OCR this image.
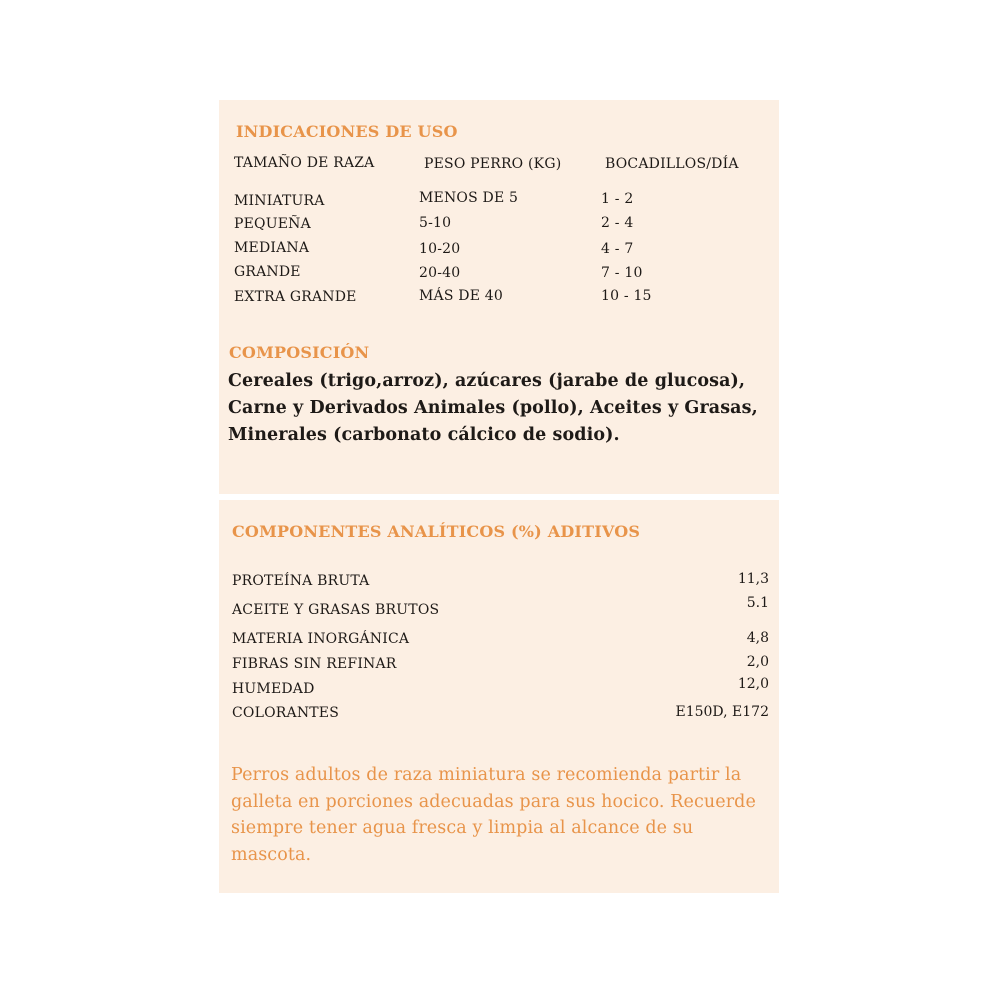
INDICACIONES DE USO
TAMAÑO DE RAZA	PESO PERRO (KG)	BOCADILLOS/DÍA
MINIATURA	MENOS DE 5	1 - 2
PEQUEÑA	5-10	2 - 4
MEDIANA	10-20	4 - 7
GRANDE	20-40	7 - 10
EXTRA GRANDE	MÁS DE 40	10 - 15
COMPOSICIÓN

Cereales (trigo,arroz), azúcares (jarabe de glucosa), Carne y Derivados Animales (pollo), Aceites y Grasas, Minerales (carbonato cálcico de sodio).

COMPONENTES ANALÍTICOS (%) ADITIVOS
PROTEÍNA BRUTA	11,3
ACEITE Y GRASAS BRUTOS	5.1
MATERIA INORGÁNICA	4,8
FIBRAS SIN REFINAR	2,0
HUMEDAD	12,0
COLORANTES	E150D, E172

Perros adultos de raza miniatura se recomienda partir la galleta en porciones adecuadas para sus hocico. Recuerde siempre tener agua fresca y limpia al alcance de su mascota.
